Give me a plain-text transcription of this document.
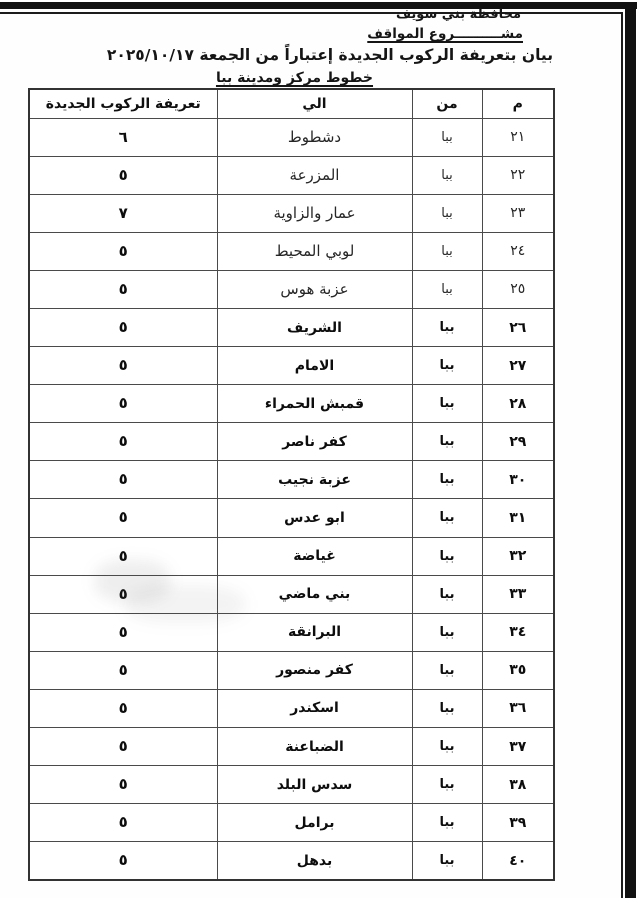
محافظة بني سويف
مشــــــــــروع المواقف
بيان بتعريفة الركوب الجديدة إعتباراً من الجمعة ٢٠٢٥/١٠/١٧
خطوط مركز ومدينة ببا
م	من	الي	تعريفة الركوب الجديدة
٢١	ببا	دشطوط	٦
٢٢	ببا	المزرعة	٥
٢٣	ببا	عمار والزاوية	٧
٢٤	ببا	لوبي المحيط	٥
٢٥	ببا	عزبة هوس	٥
٢٦	ببا	الشريف	٥
٢٧	ببا	الامام	٥
٢٨	ببا	قمبش الحمراء	٥
٢٩	ببا	كفر ناصر	٥
٣٠	ببا	عزبة نجيب	٥
٣١	ببا	ابو عدس	٥
٣٢	ببا	غياضة	٥
٣٣	ببا	بني ماضي	٥
٣٤	ببا	البرانقة	٥
٣٥	ببا	كفر منصور	٥
٣٦	ببا	اسكندر	٥
٣٧	ببا	الضباعنة	٥
٣٨	ببا	سدس البلد	٥
٣٩	ببا	برامل	٥
٤٠	ببا	بدهل	٥
